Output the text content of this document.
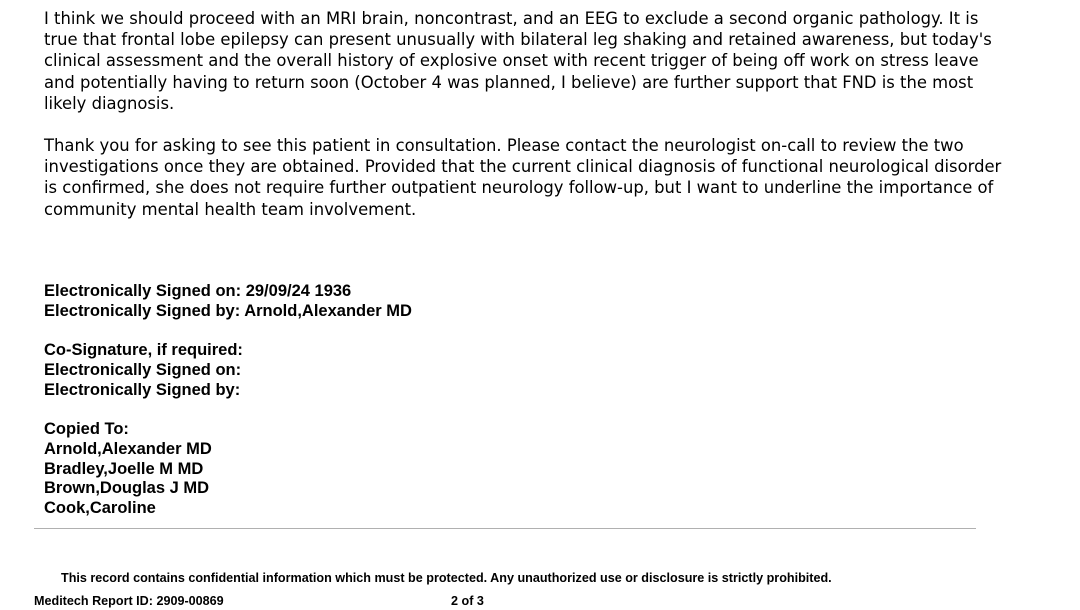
I think we should proceed with an MRI brain, noncontrast, and an EEG to exclude a second organic pathology. It is true that frontal lobe epilepsy can present unusually with bilateral leg shaking and retained awareness, but today's clinical assessment and the overall history of explosive onset with recent trigger of being off work on stress leave and potentially having to return soon (October 4 was planned, I believe) are further support that FND is the most likely diagnosis.

Thank you for asking to see this patient in consultation. Please contact the neurologist on-call to review the two investigations once they are obtained. Provided that the current clinical diagnosis of functional neurological disorder is confirmed, she does not require further outpatient neurology follow-up, but I want to underline the importance of community mental health team involvement.

Electronically Signed on: 29/09/24 1936
Electronically Signed by: Arnold,Alexander MD
Co-Signature, if required:
Electronically Signed on:
Electronically Signed by:
Copied To:
Arnold,Alexander MD
Bradley,Joelle M MD
Brown,Douglas J MD
Cook,Caroline
This record contains confidential information which must be protected. Any unauthorized use or disclosure is strictly prohibited.
Meditech Report ID: 2909-00869	2 of 3
